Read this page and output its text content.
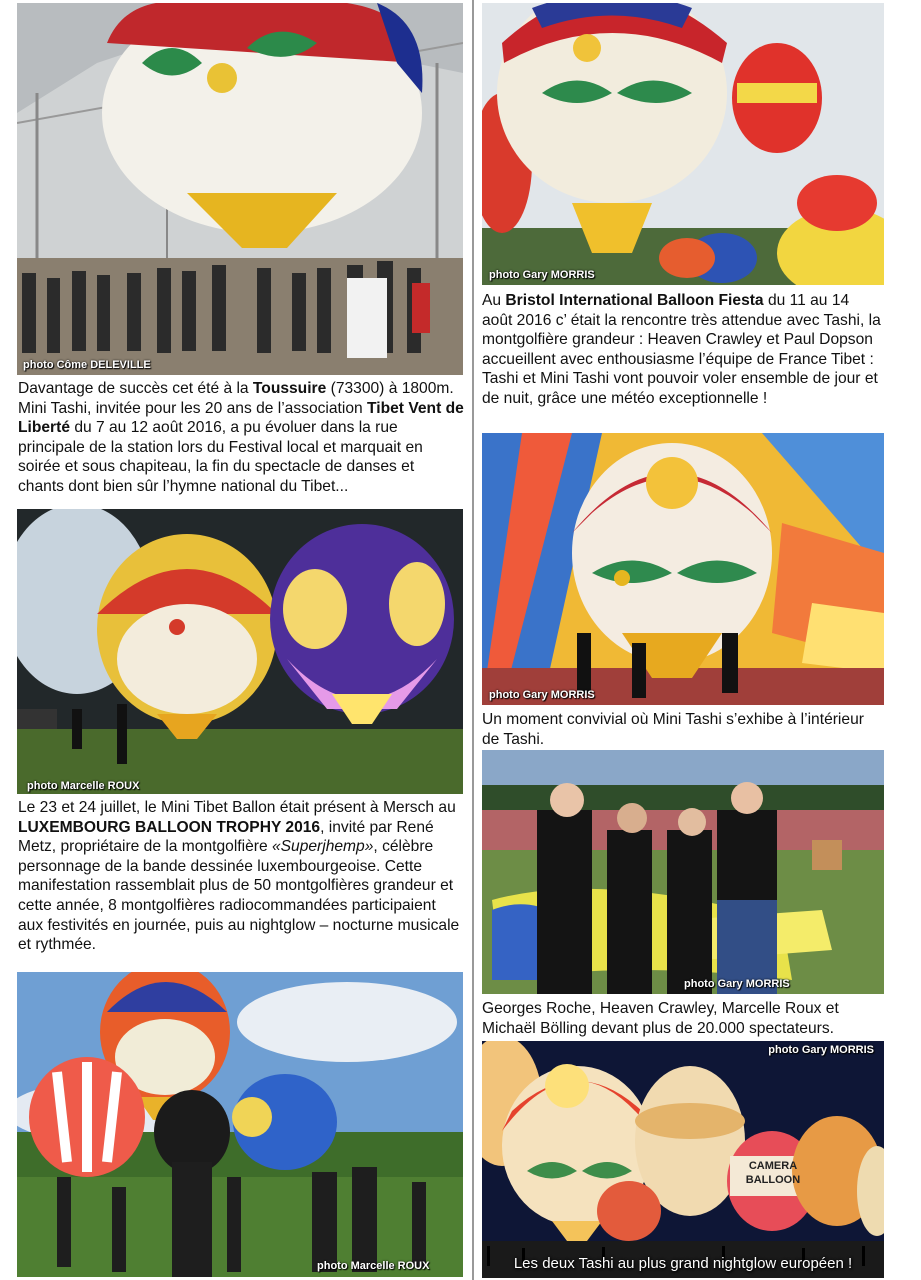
photo Côme DELEVILLE

Davantage de succès cet été à la Toussuire (73300) à 1800m. Mini Tashi, invitée pour les 20 ans de l’association Tibet Vent de Liberté du 7 au 12 août 2016, a pu évoluer dans la rue principale de la station lors du Festival local et marquait en soirée et sous chapiteau, la fin du spectacle de danses et chants dont bien sûr l’hymne national du Tibet...

photo Marcelle ROUX

Le 23 et 24 juillet, le Mini Tibet Ballon était présent à Mersch au LUXEMBOURG BALLOON TROPHY 2016, invité par René Metz, propriétaire de la montgolfière «Superjhemp», célèbre personnage de la bande dessinée luxembourgeoise. Cette manifestation rassemblait plus de 50 montgolfières grandeur et cette année, 8 montgolfières radiocommandées participaient aux festivités en journée, puis au nightglow – nocturne musicale et rythmée.

photo Marcelle ROUX
photo Gary MORRIS

Au Bristol International Balloon Fiesta du 11 au 14 août 2016 c’ était la rencontre très attendue avec Tashi, la montgolfière grandeur : Heaven Crawley et Paul Dopson accueillent avec enthousiasme l’équipe de France Tibet : Tashi et Mini Tashi vont pouvoir voler ensemble de jour et de nuit, grâce une météo exceptionnelle !

photo Gary MORRIS

Un moment convivial où Mini Tashi s’exhibe à l’intérieur de Tashi.

photo Gary MORRIS

Georges Roche, Heaven Crawley, Marcelle Roux et Michaël Bölling devant plus de 20.000 spectateurs.

CAMERA
BALLOON
photo Gary MORRIS
Les deux Tashi au plus grand nightglow européen !
